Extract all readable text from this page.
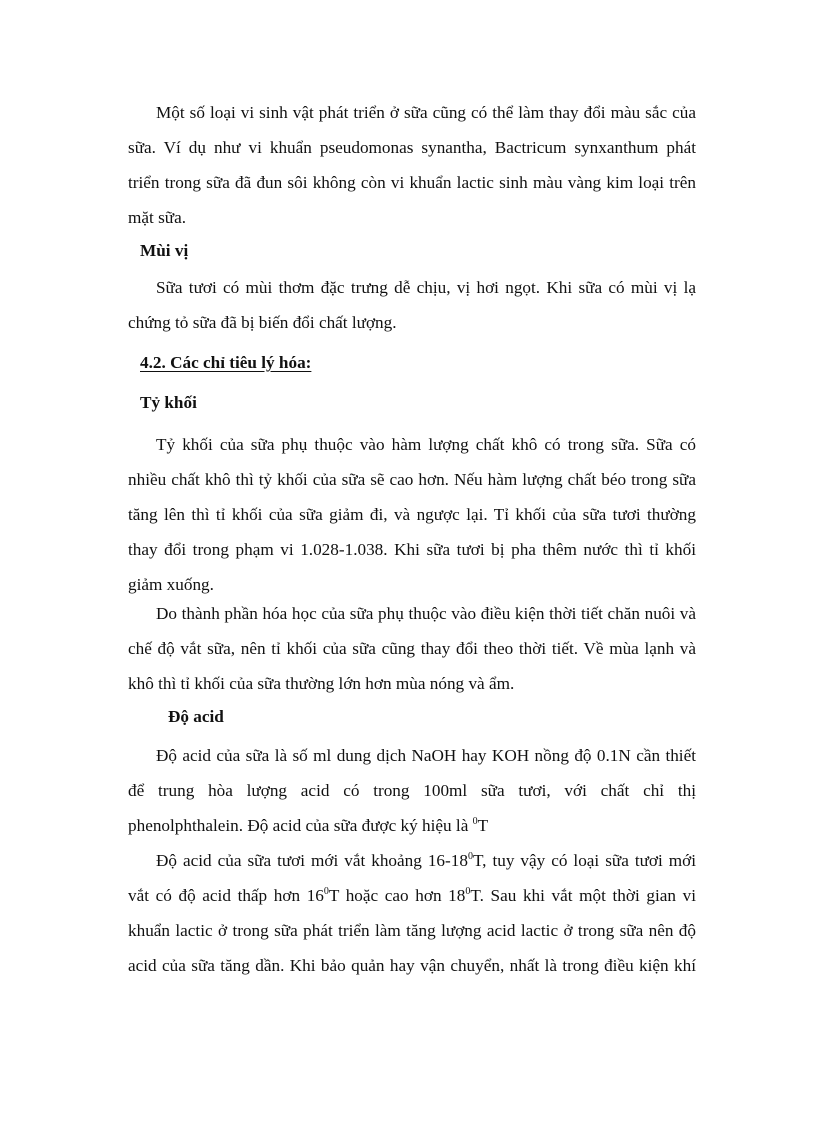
Một số loại vi sinh vật phát triển ở sữa cũng có thể làm thay đổi màu sắc của
sữa. Ví dụ như vi khuẩn pseudomonas synantha, Bactricum synxanthum phát
triển trong sữa đã đun sôi không còn vi khuẩn lactic sinh màu vàng kim loại trên
mặt sữa.

Mùi vị

Sữa tươi có mùi thơm đặc trưng dễ chịu, vị hơi ngọt. Khi sữa có mùi vị lạ
chứng tỏ sữa đã bị biến đổi chất lượng.

4.2. Các chỉ tiêu lý hóa:

Tỷ khối

Tỷ khối của sữa phụ thuộc vào hàm lượng chất khô có trong sữa. Sữa có
nhiều chất khô thì tỷ khối của sữa sẽ cao hơn. Nếu hàm lượng chất béo trong sữa
tăng lên thì tỉ khối của sữa giảm đi, và ngược lại. Tỉ khối của sữa tươi thường
thay đổi trong phạm vi 1.028-1.038. Khi sữa tươi bị pha thêm nước thì tỉ khối
giảm xuống.
Do thành phần hóa học của sữa phụ thuộc vào điều kiện thời tiết chăn nuôi và
chế độ vắt sữa, nên tỉ khối của sữa cũng thay đổi theo thời tiết. Về mùa lạnh và
khô thì tỉ khối của sữa thường lớn hơn mùa nóng và ẩm.

Độ acid

Độ acid của sữa là số ml dung dịch NaOH hay KOH nồng độ 0.1N cần thiết
để trung hòa lượng acid có trong 100ml sữa tươi, với chất chỉ thị
phenolphthalein. Độ acid của sữa được ký hiệu là $^0$T
Độ acid của sữa tươi mới vắt khoảng $16-18^0T$, tuy vậy có loại sữa tươi mới
vắt có độ acid thấp hơn $16^0T$ hoặc cao hơn $18^0T$. Sau khi vắt một thời gian vi
khuẩn lactic ở trong sữa phát triển làm tăng lượng acid lactic ở trong sữa nên độ
acid của sữa tăng dần. Khi bảo quản hay vận chuyển, nhất là trong điều kiện khí
